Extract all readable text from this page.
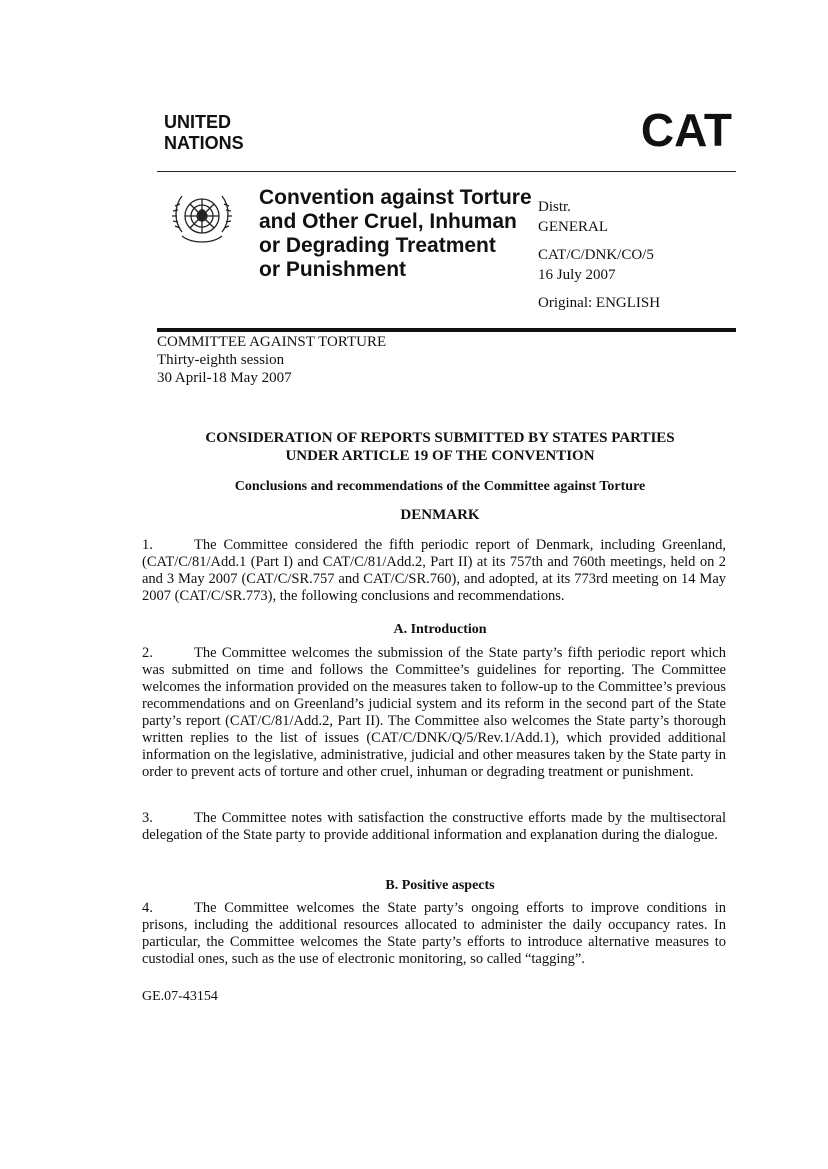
UNITED
NATIONS	CAT
Convention against Torture
and Other Cruel, Inhuman
or Degrading Treatment
or Punishment
Distr.
GENERAL
CAT/C/DNK/CO/5
16 July 2007
Original: ENGLISH
COMMITTEE AGAINST TORTURE
Thirty-eighth session
30 April-18 May 2007
CONSIDERATION OF REPORTS SUBMITTED BY STATES PARTIES
UNDER ARTICLE 19 OF THE CONVENTION
Conclusions and recommendations of the Committee against Torture
DENMARK
1.	The Committee considered the fifth periodic report of Denmark, including Greenland, (CAT/C/81/Add.1 (Part I) and CAT/C/81/Add.2, Part II) at its 757th and 760th meetings, held on 2 and 3 May 2007 (CAT/C/SR.757 and CAT/C/SR.760), and adopted, at its 773rd meeting on 14 May 2007 (CAT/C/SR.773), the following conclusions and recommendations.
A. Introduction
2.	The Committee welcomes the submission of the State party’s fifth periodic report which was submitted on time and follows the Committee’s guidelines for reporting. The Committee welcomes the information provided on the measures taken to follow-up to the Committee’s previous recommendations and on Greenland’s judicial system and its reform in the second part of the State party’s report (CAT/C/81/Add.2, Part II). The Committee also welcomes the State party’s thorough written replies to the list of issues (CAT/C/DNK/Q/5/Rev.1/Add.1), which provided additional information on the legislative, administrative, judicial and other measures taken by the State party in order to prevent acts of torture and other cruel, inhuman or degrading treatment or punishment.
3.	The Committee notes with satisfaction the constructive efforts made by the multisectoral delegation of the State party to provide additional information and explanation during the dialogue.
B. Positive aspects
4.	The Committee welcomes the State party’s ongoing efforts to improve conditions in prisons, including the additional resources allocated to administer the daily occupancy rates. In particular, the Committee welcomes the State party’s efforts to introduce alternative measures to custodial ones, such as the use of electronic monitoring, so called “tagging”.
GE.07-43154
